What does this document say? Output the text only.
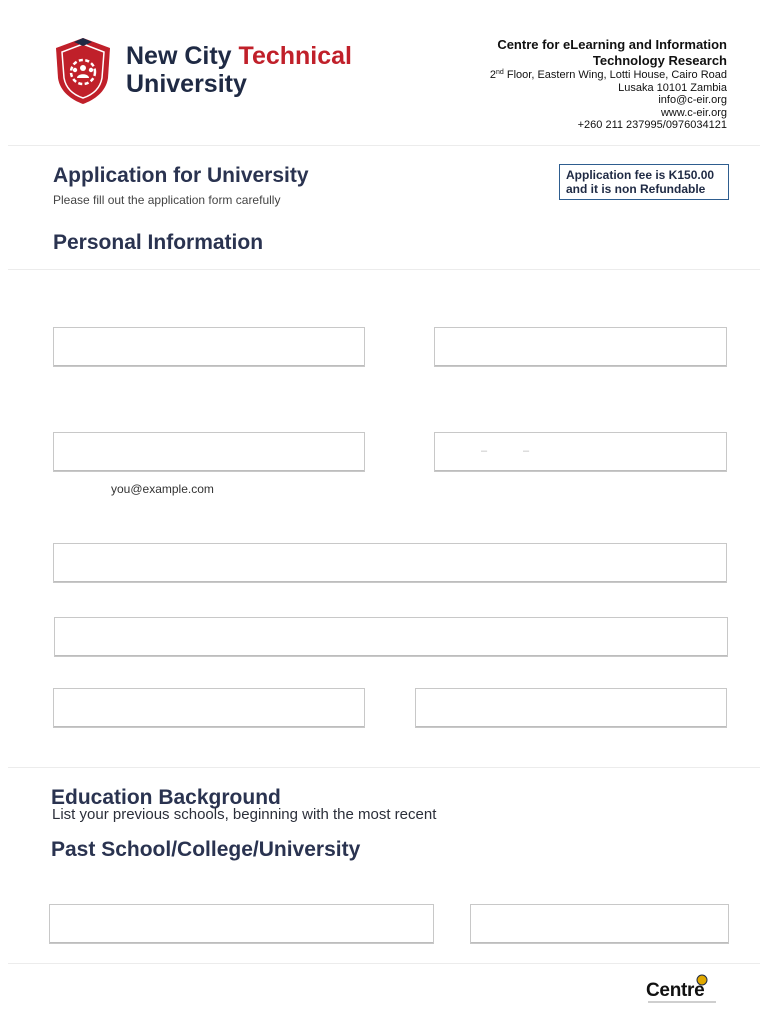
New City Technical
University
Centre for eLearning and Information
Technology Research
2nd Floor, Eastern Wing, Lotti House, Cairo Road
Lusaka 10101 Zambia
info@c-eir.org
www.c-eir.org
+260 211 237995/0976034121
Application for University
Please fill out the application form carefully
Application fee is K150.00
and it is non Refundable
Personal Information
–	–
you@example.com
Education Background
List your previous schools, beginning with the most recent
Past School/College/University
Centre
